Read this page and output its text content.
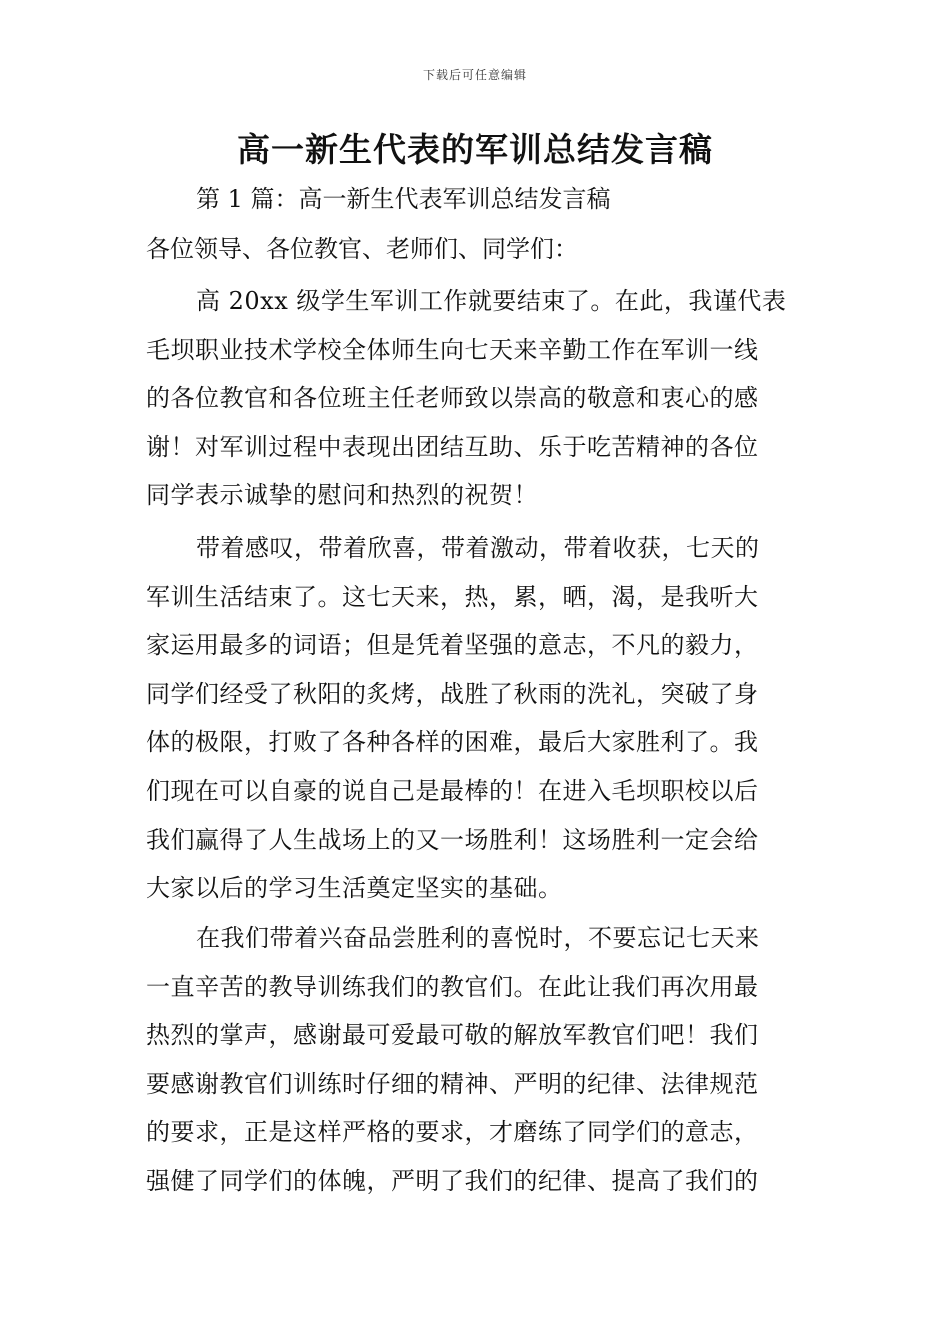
下载后可任意编辑
高一新生代表的军训总结发言稿
第 1 篇：高一新生代表军训总结发言稿
各位领导、各位教官、老师们、同学们：
高 20xx 级学生军训工作就要结束了。在此，我谨代表
毛坝职业技术学校全体师生向七天来辛勤工作在军训一线
的各位教官和各位班主任老师致以崇高的敬意和衷心的感
谢！对军训过程中表现出团结互助、乐于吃苦精神的各位
同学表示诚挚的慰问和热烈的祝贺！
带着感叹，带着欣喜，带着激动，带着收获，七天的
军训生活结束了。这七天来，热，累，晒，渴，是我听大
家运用最多的词语；但是凭着坚强的意志，不凡的毅力，
同学们经受了秋阳的炙烤，战胜了秋雨的洗礼，突破了身
体的极限，打败了各种各样的困难，最后大家胜利了。我
们现在可以自豪的说自己是最棒的！在进入毛坝职校以后
我们赢得了人生战场上的又一场胜利！这场胜利一定会给
大家以后的学习生活奠定坚实的基础。
在我们带着兴奋品尝胜利的喜悦时，不要忘记七天来
一直辛苦的教导训练我们的教官们。在此让我们再次用最
热烈的掌声，感谢最可爱最可敬的解放军教官们吧！我们
要感谢教官们训练时仔细的精神、严明的纪律、法律规范
的要求，正是这样严格的要求，才磨练了同学们的意志，
强健了同学们的体魄，严明了我们的纪律、提高了我们的
